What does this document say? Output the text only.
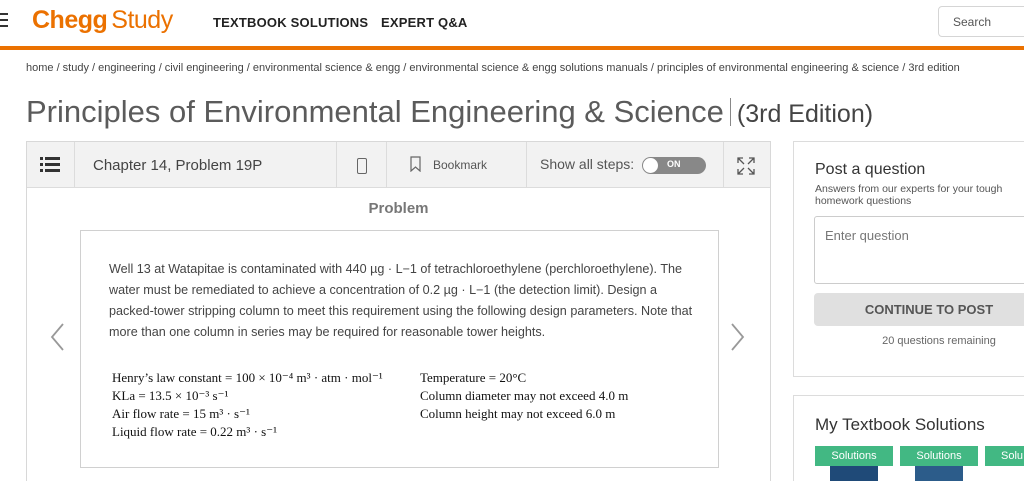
Chegg Study	TEXTBOOK SOLUTIONS EXPERT Q&A	Search
home / study / engineering / civil engineering / environmental science & engg / environmental science & engg solutions manuals / principles of environmental engineering & science / 3rd edition
Principles of Environmental Engineering & Science (3rd Edition)
Chapter 14, Problem 19P	Bookmark	Show all steps:	ON
Problem
Well 13 at Watapitae is contaminated with 440 µg · L−1 of tetrachloroethylene (perchloroethylene). The water must be remediated to achieve a concentration of 0.2 µg · L−1 (the detection limit). Design a packed-tower stripping column to meet this requirement using the following design parameters. Note that more than one column in series may be required for reasonable tower heights.
Henry’s law constant = 100 × 10⁻⁴ m³ · atm · mol⁻¹
KLa = 13.5 × 10⁻³ s⁻¹
Air flow rate = 15 m³ · s⁻¹
Liquid flow rate = 0.22 m³ · s⁻¹
Temperature = 20°C
Column diameter may not exceed 4.0 m
Column height may not exceed 6.0 m
Post a question
Answers from our experts for your tough homework questions
Enter question
CONTINUE TO POST
20 questions remaining
My Textbook Solutions
Solutions	Solutions	Solu
